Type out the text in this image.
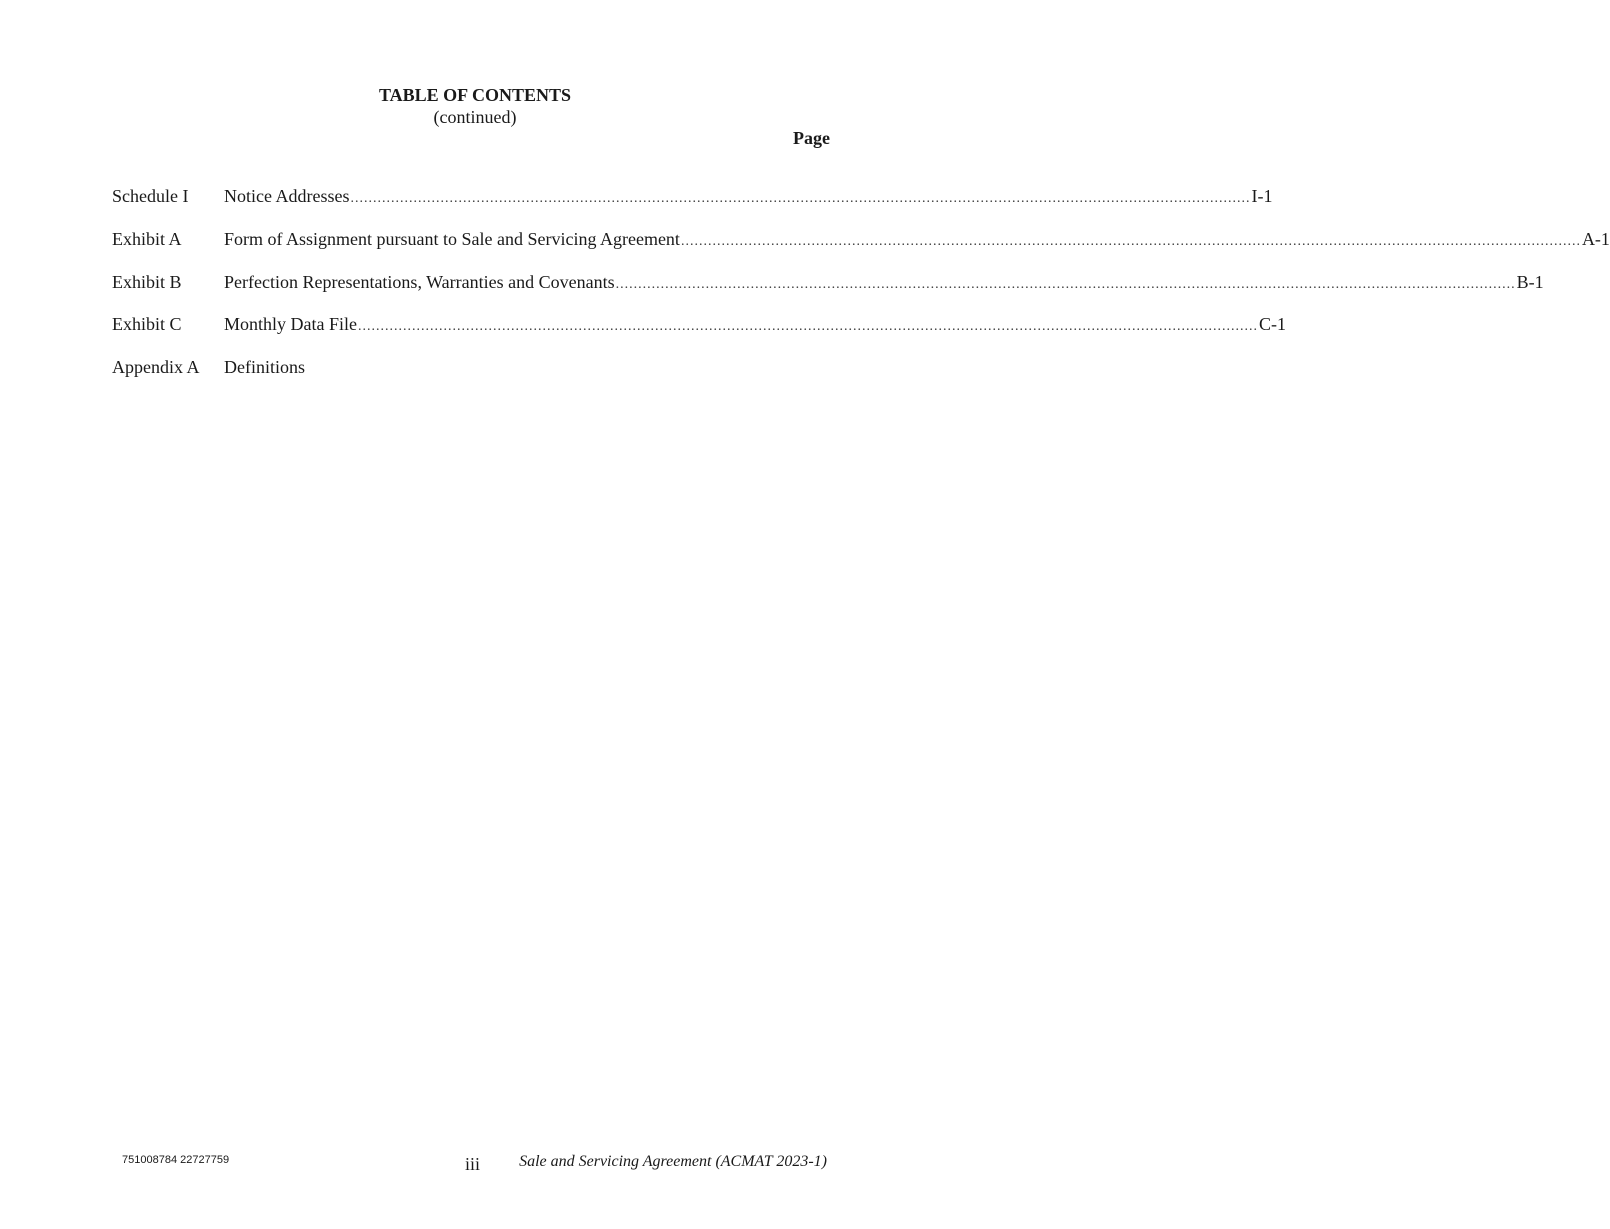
TABLE OF CONTENTS
(continued)
Page
Schedule I	Notice Addresses ........................................................................................................................................................................................................ I-1
Exhibit A	Form of Assignment pursuant to Sale and Servicing Agreement ........................................................................................................................................................................................................ A-1
Exhibit B	Perfection Representations, Warranties and Covenants ........................................................................................................................................................................................................ B-1
Exhibit C	Monthly Data File ........................................................................................................................................................................................................ C-1
Appendix A	Definitions
751008784 22727759	iii Sale and Servicing Agreement (ACMAT 2023-1)
